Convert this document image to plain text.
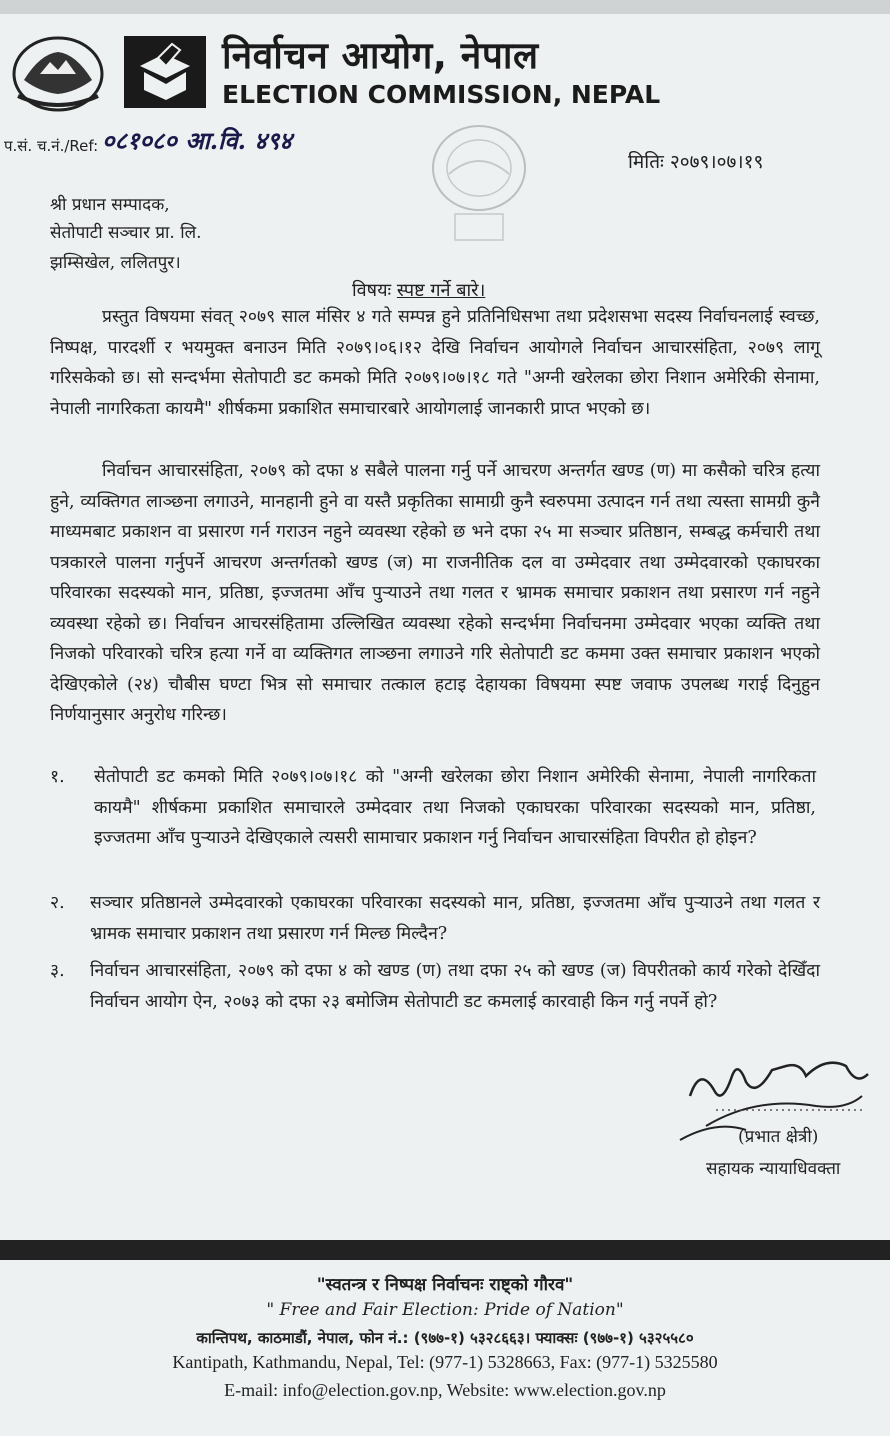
निर्वाचन आयोग, नेपाल
ELECTION COMMISSION, NEPAL
प.सं. च.नं./Ref: ०८१०८० आ.वि. ४९४
मितिः २०७९।०७।१९
श्री प्रधान सम्पादक,
सेतोपाटी सञ्चार प्रा. लि.
झम्सिखेल, ललितपुर।
विषयः स्पष्ट गर्ने बारे।
प्रस्तुत विषयमा संवत् २०७९ साल मंसिर ४ गते सम्पन्न हुने प्रतिनिधिसभा तथा प्रदेशसभा सदस्य निर्वाचनलाई स्वच्छ, निष्पक्ष, पारदर्शी र भयमुक्त बनाउन मिति २०७९।०६।१२ देखि निर्वाचन आयोगले निर्वाचन आचारसंहिता, २०७९ लागू गरिसकेको छ। सो सन्दर्भमा सेतोपाटी डट कमको मिति २०७९।०७।१८ गते "अग्नी खरेलका छोरा निशान अमेरिकी सेनामा, नेपाली नागरिकता कायमै" शीर्षकमा प्रकाशित समाचारबारे आयोगलाई जानकारी प्राप्त भएको छ।
निर्वाचन आचारसंहिता, २०७९ को दफा ४ सबैले पालना गर्नु पर्ने आचरण अन्तर्गत खण्ड (ण) मा कसैको चरित्र हत्या हुने, व्यक्तिगत लाञ्छना लगाउने, मानहानी हुने वा यस्तै प्रकृतिका सामाग्री कुनै स्वरुपमा उत्पादन गर्न तथा त्यस्ता सामग्री कुनै माध्यमबाट प्रकाशन वा प्रसारण गर्न गराउन नहुने व्यवस्था रहेको छ भने दफा २५ मा सञ्चार प्रतिष्ठान, सम्बद्ध कर्मचारी तथा पत्रकारले पालना गर्नुपर्ने आचरण अन्तर्गतको खण्ड (ज) मा राजनीतिक दल वा उम्मेदवार तथा उम्मेदवारको एकाघरका परिवारका सदस्यको मान, प्रतिष्ठा, इज्जतमा आँच पुऱ्याउने तथा गलत र भ्रामक समाचार प्रकाशन तथा प्रसारण गर्न नहुने व्यवस्था रहेको छ। निर्वाचन आचरसंहितामा उल्लिखित व्यवस्था रहेको सन्दर्भमा निर्वाचनमा उम्मेदवार भएका व्यक्ति तथा निजको परिवारको चरित्र हत्या गर्ने वा व्यक्तिगत लाञ्छना लगाउने गरि सेतोपाटी डट कममा उक्त समाचार प्रकाशन भएको देखिएकोले (२४) चौबीस घण्टा भित्र सो समाचार तत्काल हटाइ देहायका विषयमा स्पष्ट जवाफ उपलब्ध गराई दिनुहुन निर्णयानुसार अनुरोध गरिन्छ।
१. सेतोपाटी डट कमको मिति २०७९।०७।१८ को "अग्नी खरेलका छोरा निशान अमेरिकी सेनामा, नेपाली नागरिकता कायमै" शीर्षकमा प्रकाशित समाचारले उम्मेदवार तथा निजको एकाघरका परिवारका सदस्यको मान, प्रतिष्ठा, इज्जतमा आँच पुऱ्याउने देखिएकाले त्यसरी सामाचार प्रकाशन गर्नु निर्वाचन आचारसंहिता विपरीत हो होइन?
२. सञ्चार प्रतिष्ठानले उम्मेदवारको एकाघरका परिवारका सदस्यको मान, प्रतिष्ठा, इज्जतमा आँच पुऱ्याउने तथा गलत र भ्रामक समाचार प्रकाशन तथा प्रसारण गर्न मिल्छ मिल्दैन?
३. निर्वाचन आचारसंहिता, २०७९ को दफा ४ को खण्ड (ण) तथा दफा २५ को खण्ड (ज) विपरीतको कार्य गरेको देखिँदा निर्वाचन आयोग ऐन, २०७३ को दफा २३ बमोजिम सेतोपाटी डट कमलाई कारवाही किन गर्नु नपर्ने हो?
(प्रभात क्षेत्री)
सहायक न्यायाधिवक्ता
"स्वतन्त्र र निष्पक्ष निर्वाचनः राष्ट्को गौरव"
" Free and Fair Election: Pride of Nation"
कान्तिपथ, काठमाडौं, नेपाल, फोन नं.: (९७७-१) ५३२८६६३। फ्याक्सः (९७७-१) ५३२५५८०
Kantipath, Kathmandu, Nepal, Tel: (977-1) 5328663, Fax: (977-1) 5325580
E-mail: info@election.gov.np, Website: www.election.gov.np
